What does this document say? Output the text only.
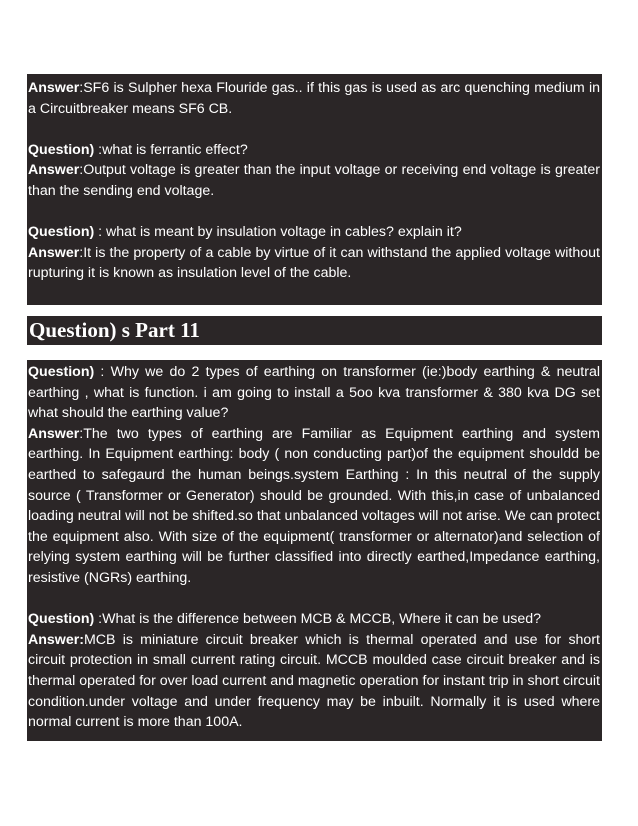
Answer:SF6 is Sulpher hexa Flouride gas.. if this gas is used as arc quenching medium in a Circuitbreaker means SF6 CB.

Question) :what is ferrantic effect?

Answer:Output voltage is greater than the input voltage or receiving end voltage is greater than the sending end voltage.

Question) : what is meant by insulation voltage in cables? explain it?

Answer:It is the property of a cable by virtue of it can withstand the applied voltage without rupturing it is known as insulation level of the cable.

Question) s Part 11

Question) : Why we do 2 types of earthing on transformer (ie:)body earthing & neutral earthing , what is function. i am going to install a 5oo kva transformer & 380 kva DG set what should the earthing value?

Answer:The two types of earthing are Familiar as Equipment earthing and system earthing. In Equipment earthing: body ( non conducting part)of the equipment shouldd be earthed to safegaurd the human beings.system Earthing : In this neutral of the supply source ( Transformer or Generator) should be grounded. With this,in case of unbalanced loading neutral will not be shifted.so that unbalanced voltages will not arise. We can protect the equipment also. With size of the equipment( transformer or alternator)and selection of relying system earthing will be further classified into directly earthed,Impedance earthing, resistive (NGRs) earthing.

Question) :What is the difference between MCB & MCCB, Where it can be used?

Answer:MCB is miniature circuit breaker which is thermal operated and use for short circuit protection in small current rating circuit. MCCB moulded case circuit breaker and is thermal operated for over load current and magnetic operation for instant trip in short circuit condition.under voltage and under frequency may be inbuilt. Normally it is used where normal current is more than 100A.
